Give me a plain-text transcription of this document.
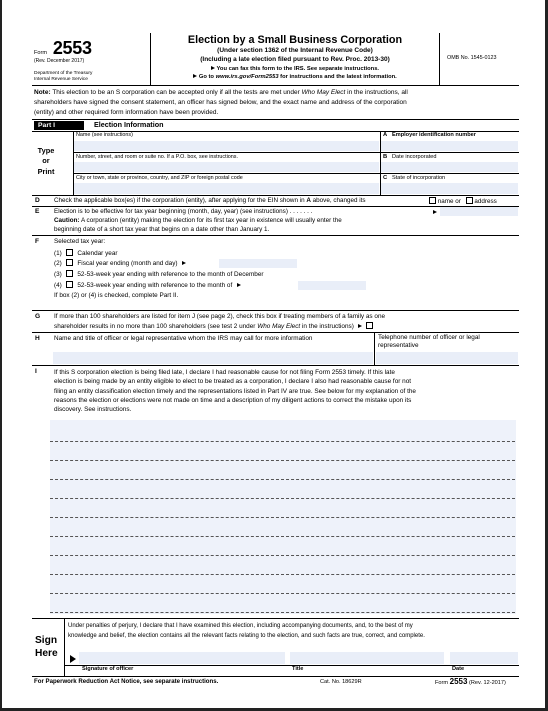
Form 2553
(Rev. December 2017)
Department of the Treasury
Internal Revenue Service
Election by a Small Business Corporation
(Under section 1362 of the Internal Revenue Code)
(Including a late election filed pursuant to Rev. Proc. 2013-30)
You can fax this form to the IRS. See separate instructions.
Go to www.irs.gov/Form2553 for instructions and the latest information.
OMB No. 1545-0123
Note: This election to be an S corporation can be accepted only if all the tests are met under Who May Elect in the instructions, all
shareholders have signed the consent statement, an officer has signed below, and the exact name and address of the corporation
(entity) and other required form information have been provided.
Part I	Election Information
Type
or
Print
Name (see instructions)	A Employer identification number
Number, street, and room or suite no. If a P.O. box, see instructions.	B Date incorporated
City or town, state or province, country, and ZIP or foreign postal code	C State of incorporation
D Check the applicable box(es) if the corporation (entity), after applying for the EIN shown in A above, changed its	name or address
E Election is to be effective for tax year beginning (month, day, year) (see instructions) . . . . . . .
Caution: A corporation (entity) making the election for its first tax year in existence will usually enter the
beginning date of a short tax year that begins on a date other than January 1.
F Selected tax year:
(1) Calendar year
(2) Fiscal year ending (month and day)
(3) 52-53-week year ending with reference to the month of December
(4) 52-53-week year ending with reference to the month of
If box (2) or (4) is checked, complete Part II.
G If more than 100 shareholders are listed for item J (see page 2), check this box if treating members of a family as one
shareholder results in no more than 100 shareholders (see test 2 under Who May Elect in the instructions)
H Name and title of officer or legal representative whom the IRS may call for more information	Telephone number of officer or legal representative
I	If this S corporation election is being filed late, I declare I had reasonable cause for not filing Form 2553 timely. If this late
election is being made by an entity eligible to elect to be treated as a corporation, I declare I also had reasonable cause for not
filing an entity classification election timely and the representations listed in Part IV are true. See below for my explanation of the
reasons the election or elections were not made on time and a description of my diligent actions to correct the mistake upon its
discovery. See instructions.
Sign
Here
Under penalties of perjury, I declare that I have examined this election, including accompanying documents, and, to the best of my
knowledge and belief, the election contains all the relevant facts relating to the election, and such facts are true, correct, and complete.
Signature of officer	Title	Date
For Paperwork Reduction Act Notice, see separate instructions.	Cat. No. 18629R	Form 2553 (Rev. 12-2017)
